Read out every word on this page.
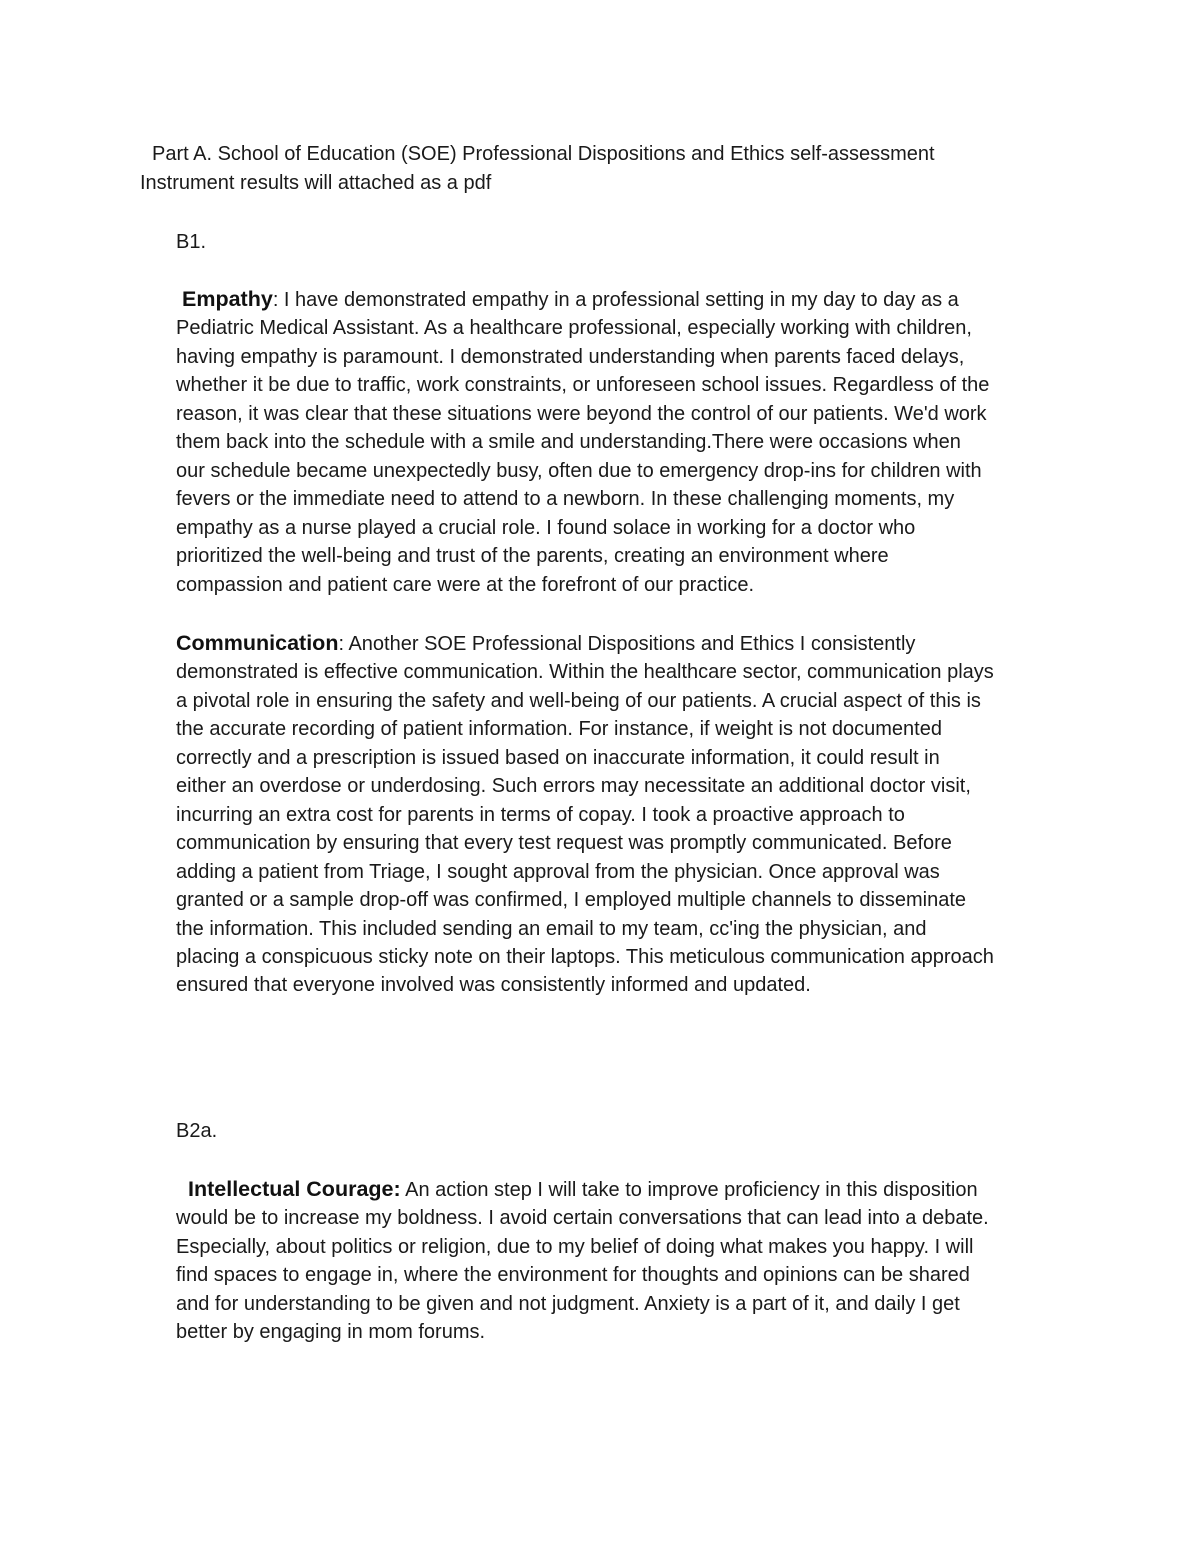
Part A. School of Education (SOE) Professional Dispositions and Ethics self-assessment
Instrument results will attached as a pdf
B1.

Empathy: I have demonstrated empathy in a professional setting in my day to day as a

Pediatric Medical Assistant. As a healthcare professional, especially working with children,

having empathy is paramount. I demonstrated understanding when parents faced delays,

whether it be due to traffic, work constraints, or unforeseen school issues. Regardless of the

reason, it was clear that these situations were beyond the control of our patients. We'd work

them back into the schedule with a smile and understanding.There were occasions when

our schedule became unexpectedly busy, often due to emergency drop-ins for children with

fevers or the immediate need to attend to a newborn. In these challenging moments, my

empathy as a nurse played a crucial role. I found solace in working for a doctor who

prioritized the well-being and trust of the parents, creating an environment where

compassion and patient care were at the forefront of our practice.

Communication: Another SOE Professional Dispositions and Ethics I consistently

demonstrated is effective communication. Within the healthcare sector, communication plays

a pivotal role in ensuring the safety and well-being of our patients. A crucial aspect of this is

the accurate recording of patient information. For instance, if weight is not documented

correctly and a prescription is issued based on inaccurate information, it could result in

either an overdose or underdosing. Such errors may necessitate an additional doctor visit,

incurring an extra cost for parents in terms of copay. I took a proactive approach to

communication by ensuring that every test request was promptly communicated. Before

adding a patient from Triage, I sought approval from the physician. Once approval was

granted or a sample drop-off was confirmed, I employed multiple channels to disseminate

the information. This included sending an email to my team, cc'ing the physician, and

placing a conspicuous sticky note on their laptops. This meticulous communication approach

ensured that everyone involved was consistently informed and updated.

B2a.

Intellectual Courage: An action step I will take to improve proficiency in this disposition

would be to increase my boldness. I avoid certain conversations that can lead into a debate.

Especially, about politics or religion, due to my belief of doing what makes you happy. I will

find spaces to engage in, where the environment for thoughts and opinions can be shared

and for understanding to be given and not judgment. Anxiety is a part of it, and daily I get

better by engaging in mom forums.
